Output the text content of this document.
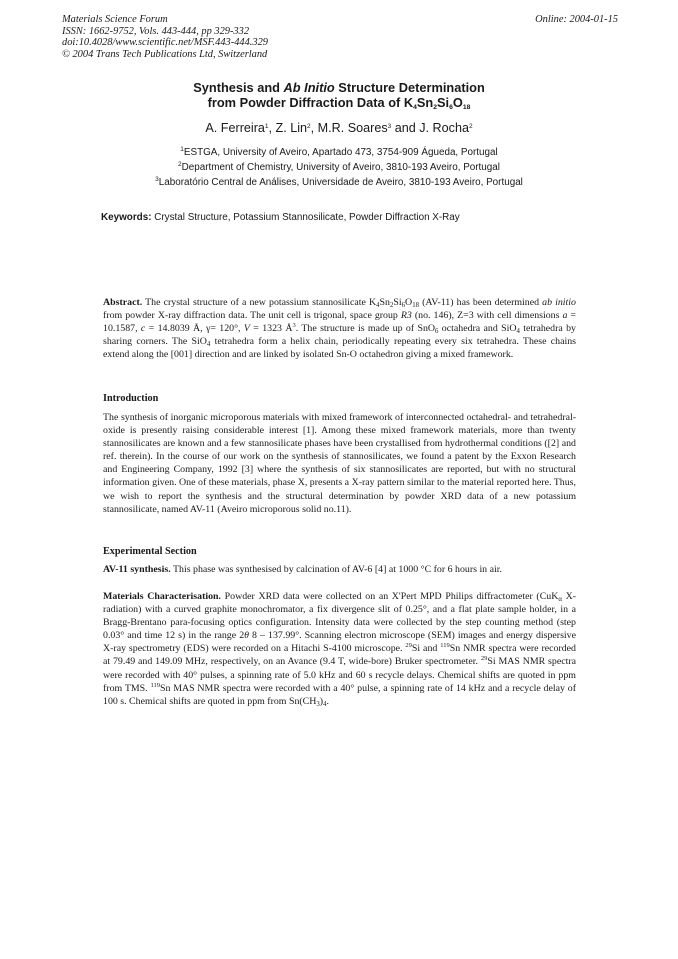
Materials Science Forum
ISSN: 1662-9752, Vols. 443-444, pp 329-332
doi:10.4028/www.scientific.net/MSF.443-444.329
© 2004 Trans Tech Publications Ltd, Switzerland
Online: 2004-01-15
Synthesis and Ab Initio Structure Determination
from Powder Diffraction Data of $K_4Sn_2Si_6O_{18}$
A. Ferreira$^1$, Z. Lin$^2$, M.R. Soares$^3$ and J. Rocha$^2$
$^1$ESTGA, University of Aveiro, Apartado 473, 3754-909 Águeda, Portugal
$^2$Department of Chemistry, University of Aveiro, 3810-193 Aveiro, Portugal
$^3$Laboratório Central de Análises, Universidade de Aveiro, 3810-193 Aveiro, Portugal
Keywords: Crystal Structure, Potassium Stannosilicate, Powder Diffraction X-Ray
Abstract. The crystal structure of a new potassium stannosilicate $K_4Sn_2Si_6O_{18}$ (AV-11) has been determined ab initio from powder X-ray diffraction data. The unit cell is trigonal, space group R3 (no. 146), Z=3 with cell dimensions a = 10.1587, c = 14.8039 Å, γ= 120°, V = 1323 $Å^3$. The structure is made up of SnO$_6$ octahedra and SiO$_4$ tetrahedra by sharing corners. The SiO$_4$ tetrahedra form a helix chain, periodically repeating every six tetrahedra. These chains extend along the [001] direction and are linked by isolated Sn-O octahedron giving a mixed framework.
Introduction
The synthesis of inorganic microporous materials with mixed framework of interconnected octahedral- and tetrahedral-oxide is presently raising considerable interest [1]. Among these mixed framework materials, more than twenty stannosilicates are known and a few stannosilicate phases have been crystallised from hydrothermal conditions ([2] and ref. therein). In the course of our work on the synthesis of stannosilicates, we found a patent by the Exxon Research and Engineering Company, 1992 [3] where the synthesis of six stannosilicates are reported, but with no structural information given. One of these materials, phase X, presents a X-ray pattern similar to the material reported here. Thus, we wish to report the synthesis and the structural determination by powder XRD data of a new potassium stannosilicate, named AV-11 (Aveiro microporous solid no.11).
Experimental Section
AV-11 synthesis. This phase was synthesised by calcination of AV-6 [4] at 1000 °C for 6 hours in air.
Materials Characterisation. Powder XRD data were collected on an X'Pert MPD Philips diffractometer (CuK$_\alpha$ X-radiation) with a curved graphite monochromator, a fix divergence slit of 0.25°, and a flat plate sample holder, in a Bragg-Brentano para-focusing optics configuration. Intensity data were collected by the step counting method (step 0.03° and time 12 s) in the range 2θ 8 – 137.99°. Scanning electron microscope (SEM) images and energy dispersive X-ray spectrometry (EDS) were recorded on a Hitachi S-4100 microscope. $^{29}$Si and $^{119}$Sn NMR spectra were recorded at 79.49 and 149.09 MHz, respectively, on an Avance (9.4 T, wide-bore) Bruker spectrometer. $^{29}$Si MAS NMR spectra were recorded with 40° pulses, a spinning rate of 5.0 kHz and 60 s recycle delays. Chemical shifts are quoted in ppm from TMS. $^{119}$Sn MAS NMR spectra were recorded with a 40° pulse, a spinning rate of 14 kHz and a recycle delay of 100 s. Chemical shifts are quoted in ppm from $Sn(CH_3)_4$.
